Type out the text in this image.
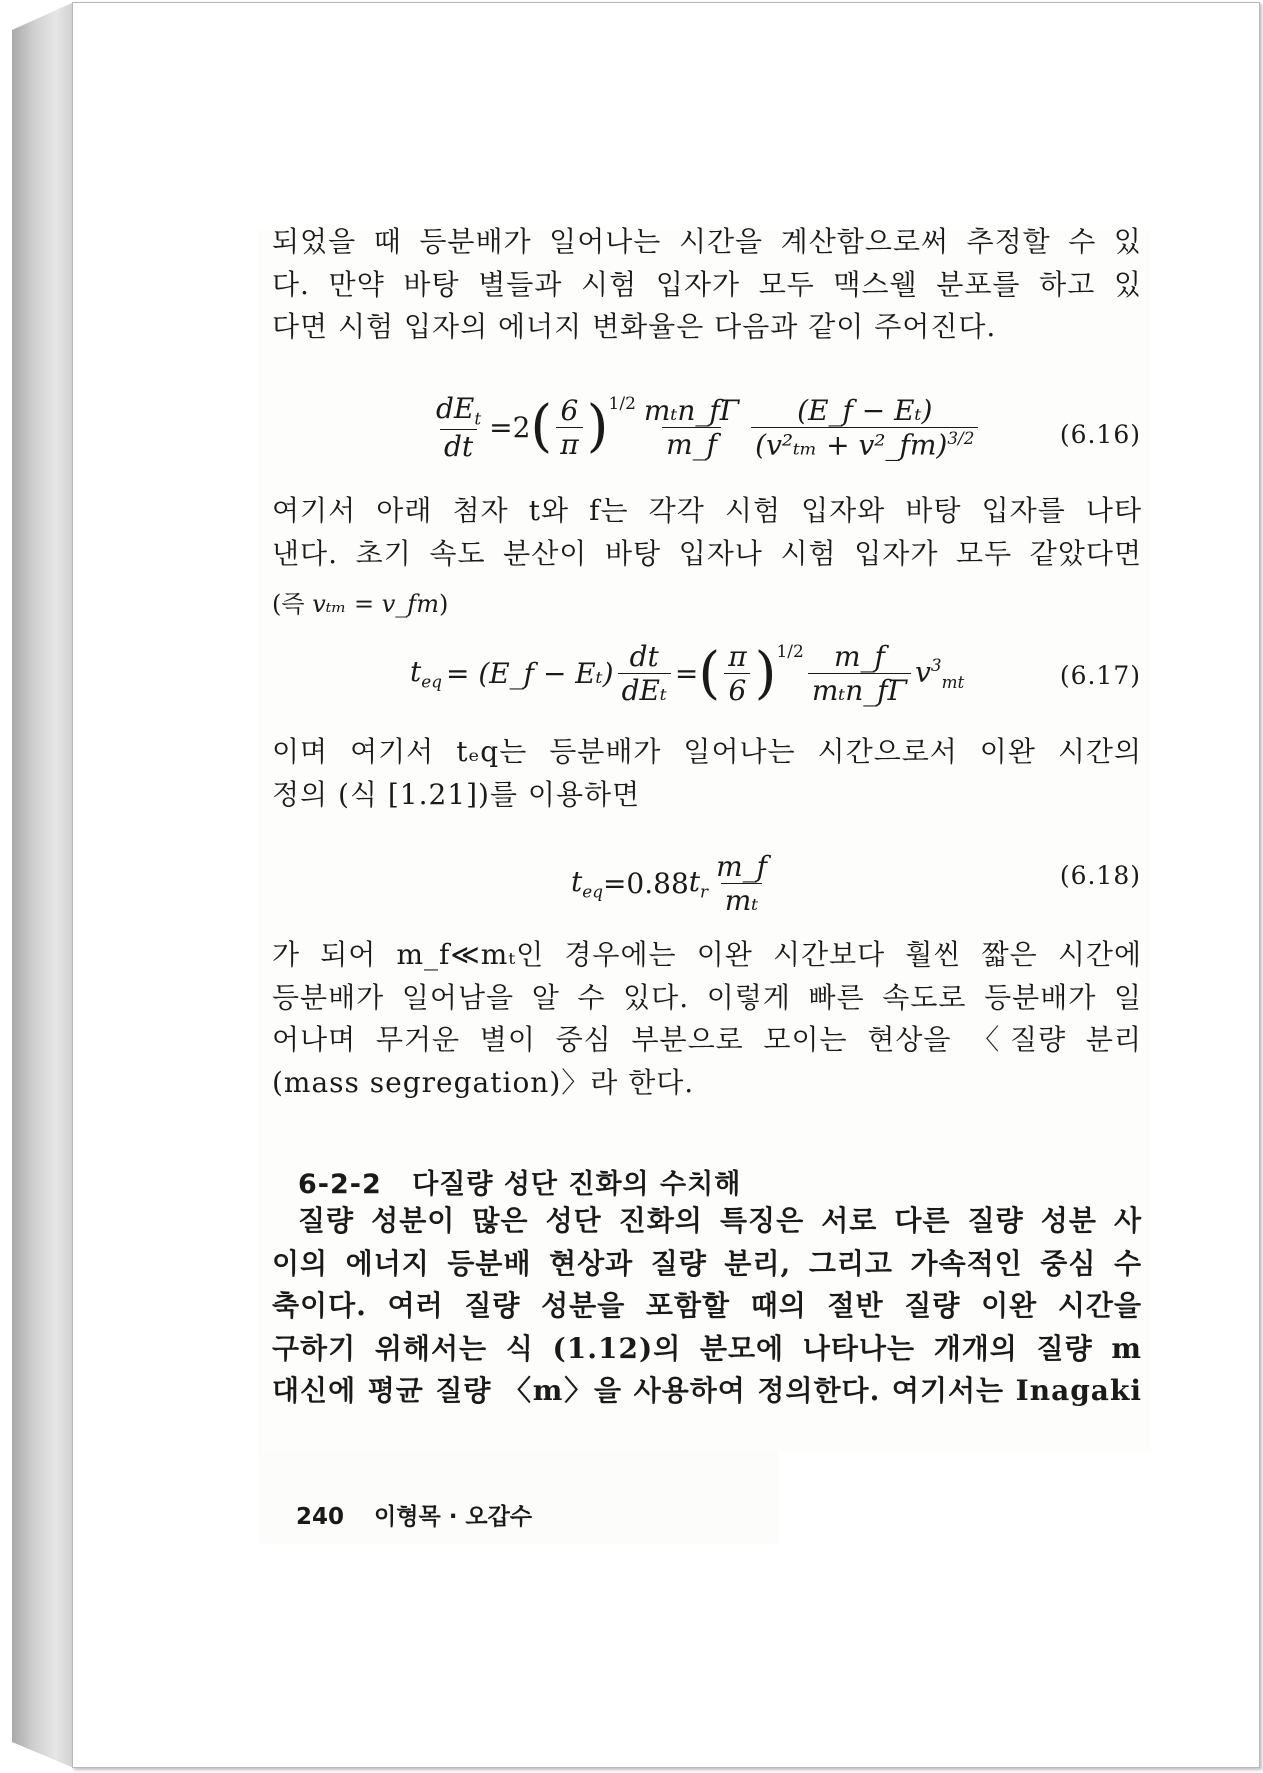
되었을 때 등분배가 일어나는 시간을 계산함으로써 추정할 수 있
다. 만약 바탕 별들과 시험 입자가 모두 맥스웰 분포를 하고 있
다면 시험 입자의 에너지 변화율은 다음과 같이 주어진다.
$\frac{dE_t}{dt} =2$ ( $\frac{6}{\pi} )^{1/2} \frac{\text{mₜn\_fΓ}}{m\_f} \frac{\text{(E\_f − Eₜ)}}{(v^2_{tm} + v^2\_fm)^{3/2}}$	(6.16)
여기서 아래 첨자 t와 f는 각각 시험 입자와 바탕 입자를 나타
낸다. 초기 속도 분산이 바탕 입자나 시험 입자가 모두 같았다면
(즉 vₜₘ = v_fm)
$t_{eq}$ = (E_f − $E_t) \frac{dt}{\text{dEₜ}}$ = ( $\frac{\pi}{6} )^{1/2} \frac{m\_f}{\text{mₜn\_fΓ}} v^3_{mt}$	(6.17)
이며 여기서 tₑq는 등분배가 일어나는 시간으로서 이완 시간의
정의 (식 [1.21])를 이용하면
$t_{eq} =0.88$ $t_r \frac{m\_f}{\text{mₜ}}$	(6.18)
가 되어 m_f≪mₜ인 경우에는 이완 시간보다 훨씬 짧은 시간에
등분배가 일어남을 알 수 있다. 이렇게 빠른 속도로 등분배가 일
어나며 무거운 별이 중심 부분으로 모이는 현상을 〈질량 분리
(mass segregation)〉라 한다.
6-2-2 다질량 성단 진화의 수치해
질량 성분이 많은 성단 진화의 특징은 서로 다른 질량 성분 사
이의 에너지 등분배 현상과 질량 분리, 그리고 가속적인 중심 수
축이다. 여러 질량 성분을 포함할 때의 절반 질량 이완 시간을
구하기 위해서는 식 (1.12)의 분모에 나타나는 개개의 질량 m
대신에 평균 질량 〈m〉을 사용하여 정의한다. 여기서는 Inagaki
240 이형목 · 오갑수
